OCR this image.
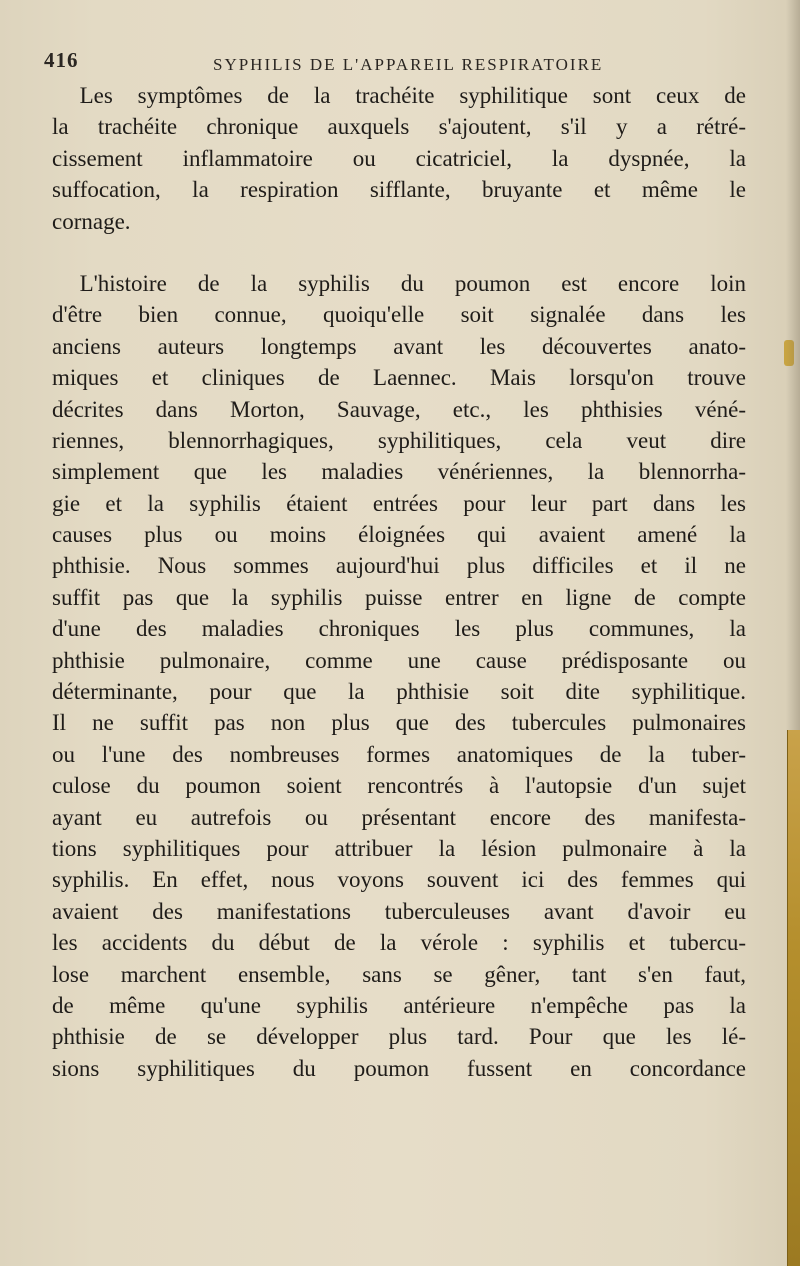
416	SYPHILIS DE L'APPAREIL RESPIRATOIRE
Les symptômes de la trachéite syphilitique sont ceux de
la trachéite chronique auxquels s'ajoutent, s'il y a rétré-
cissement inflammatoire ou cicatriciel, la dyspnée, la
suffocation, la respiration sifflante, bruyante et même le
cornage.
L'histoire de la syphilis du poumon est encore loin
d'être bien connue, quoiqu'elle soit signalée dans les
anciens auteurs longtemps avant les découvertes anato-
miques et cliniques de Laennec. Mais lorsqu'on trouve
décrites dans Morton, Sauvage, etc., les phthisies véné-
riennes, blennorrhagiques, syphilitiques, cela veut dire
simplement que les maladies vénériennes, la blennorrha-
gie et la syphilis étaient entrées pour leur part dans les
causes plus ou moins éloignées qui avaient amené la
phthisie. Nous sommes aujourd'hui plus difficiles et il ne
suffit pas que la syphilis puisse entrer en ligne de compte
d'une des maladies chroniques les plus communes, la
phthisie pulmonaire, comme une cause prédisposante ou
déterminante, pour que la phthisie soit dite syphilitique.
Il ne suffit pas non plus que des tubercules pulmonaires
ou l'une des nombreuses formes anatomiques de la tuber-
culose du poumon soient rencontrés à l'autopsie d'un sujet
ayant eu autrefois ou présentant encore des manifesta-
tions syphilitiques pour attribuer la lésion pulmonaire à la
syphilis. En effet, nous voyons souvent ici des femmes qui
avaient des manifestations tuberculeuses avant d'avoir eu
les accidents du début de la vérole : syphilis et tubercu-
lose marchent ensemble, sans se gêner, tant s'en faut,
de même qu'une syphilis antérieure n'empêche pas la
phthisie de se développer plus tard. Pour que les lé-
sions syphilitiques du poumon fussent en concordance
